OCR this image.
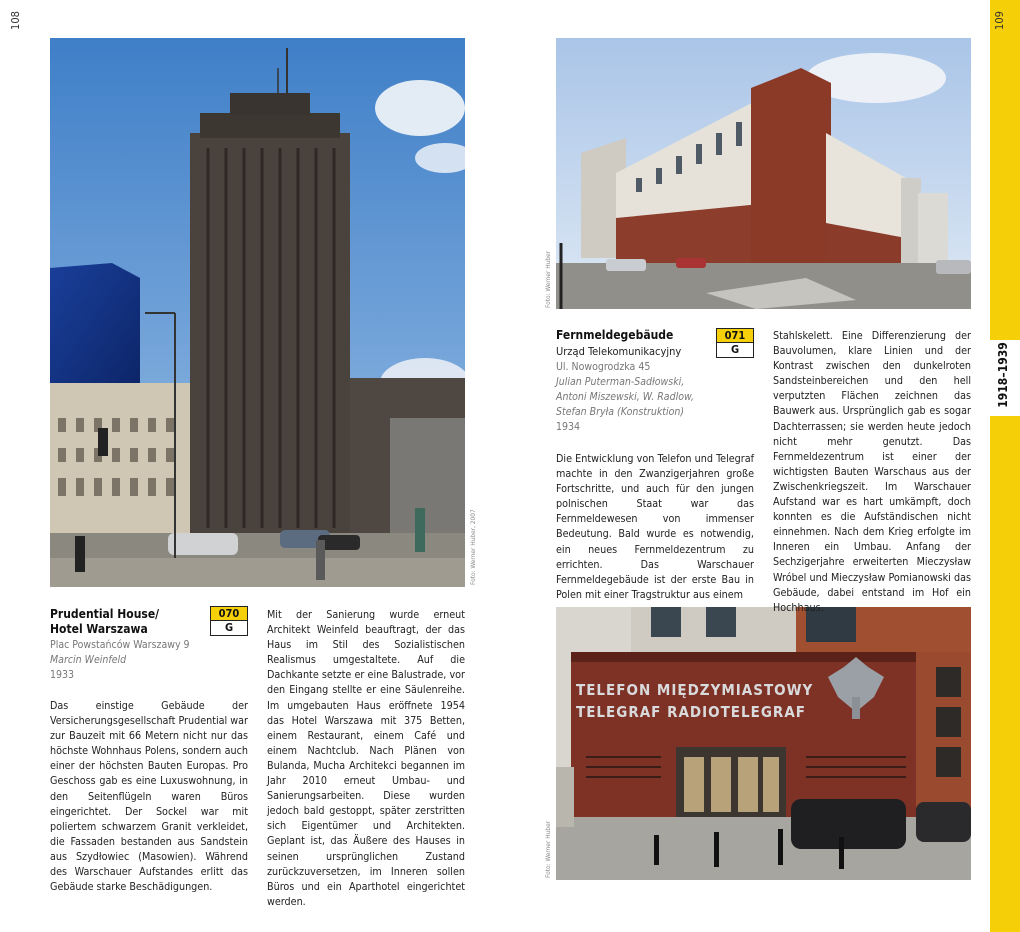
108	109
1918–1939
Foto: Werner Huber, 2007
Foto: Werner Huber
TELEFON MIĘDZYMIASTOWY
TELEGRAF RADIOTELEGRAF
Foto: Werner Huber
Prudential House/
Hotel Warszawa
070
G
Plac Powstańców Warszawy 9
Marcin Weinfeld
1933
Das einstige Gebäude der Versicherungsgesellschaft Prudential war zur Bauzeit mit 66 Metern nicht nur das höchste Wohnhaus Polens, sondern auch einer der höchsten Bauten Europas. Pro Geschoss gab es eine Luxuswohnung, in den Seitenflügeln waren Büros eingerichtet. Der Sockel war mit poliertem schwarzem Granit verkleidet, die Fassaden bestanden aus Sandstein aus Szydłowiec (Masowien). Während des Warschauer Aufstandes erlitt das Gebäude starke Beschädigungen.
Mit der Sanierung wurde erneut Architekt Weinfeld beauftragt, der das Haus im Stil des Sozialistischen Realismus umgestaltete. Auf die Dachkante setzte er eine Balustrade, vor den Eingang stellte er eine Säulenreihe. Im umgebauten Haus eröffnete 1954 das Hotel Warszawa mit 375 Betten, einem Restaurant, einem Café und einem Nachtclub. Nach Plänen von Bulanda, Mucha Architekci begannen im Jahr 2010 erneut Umbau- und Sanierungsarbeiten. Diese wurden jedoch bald gestoppt, später zerstritten sich Eigentümer und Architekten. Geplant ist, das Äußere des Hauses in seinen ursprünglichen Zustand zurückzuversetzen, im Inneren sollen Büros und ein Aparthotel eingerichtet werden.
Fernmeldegebäude
Urząd Telekomunikacyjny
071
G
Ul. Nowogrodzka 45
Julian Puterman-Sadłowski,
Antoni Miszewski, W. Radlow,
Stefan Bryła (Konstruktion)
1934
Die Entwicklung von Telefon und Telegraf machte in den Zwanzigerjahren große Fortschritte, und auch für den jungen polnischen Staat war das Fernmeldewesen von immenser Bedeutung. Bald wurde es notwendig, ein neues Fernmeldezentrum zu errichten. Das Warschauer Fernmeldegebäude ist der erste Bau in Polen mit einer Tragstruktur aus einem
Stahlskelett. Eine Differenzierung der Bauvolumen, klare Linien und der Kontrast zwischen den dunkelroten Sandsteinbereichen und den hell verputzten Flächen zeichnen das Bauwerk aus. Ursprünglich gab es sogar Dachterrassen; sie werden heute jedoch nicht mehr genutzt. Das Fernmeldezentrum ist einer der wichtigsten Bauten Warschaus aus der Zwischenkriegszeit. Im Warschauer Aufstand war es hart umkämpft, doch konnten es die Aufständischen nicht einnehmen. Nach dem Krieg erfolgte im Inneren ein Umbau. Anfang der Sechzigerjahre erweiterten Mieczysław Wróbel und Mieczysław Pomianowski das Gebäude, dabei entstand im Hof ein Hochhaus.
